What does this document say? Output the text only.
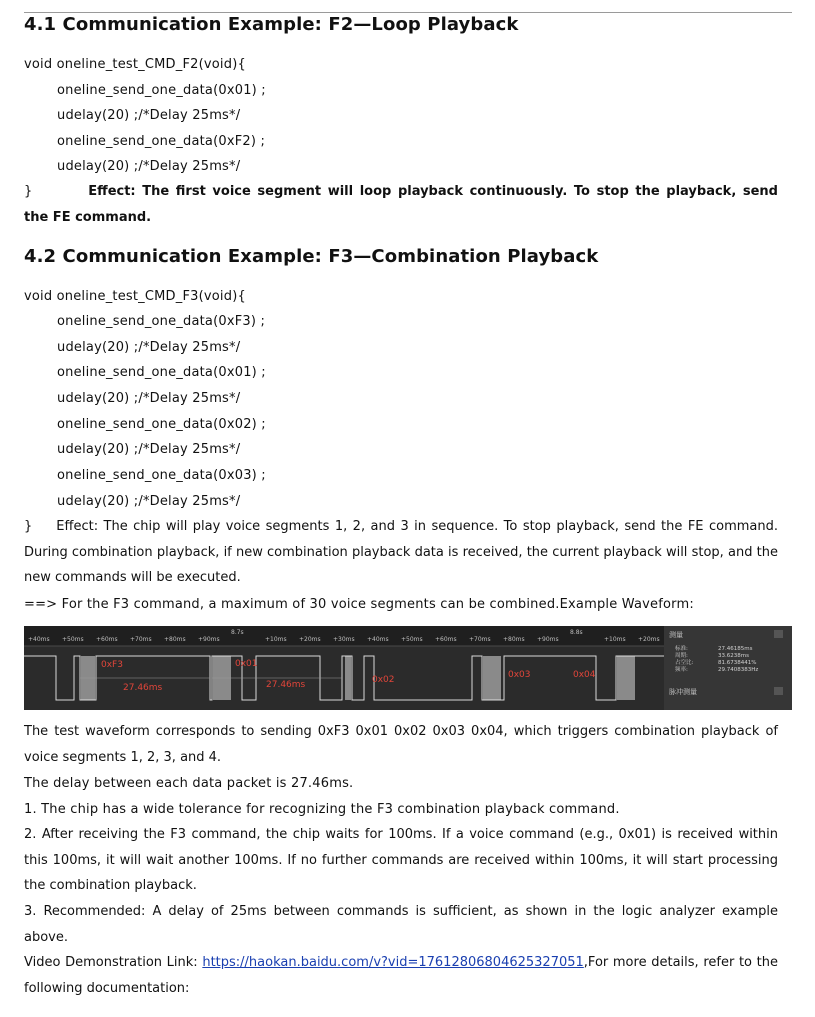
4.1 Communication Example: F2—Loop Playback
void oneline_test_CMD_F2(void){
oneline_send_one_data(0x01) ;
udelay(20) ;/*Delay 25ms*/
oneline_send_one_data(0xF2) ;
udelay(20) ;/*Delay 25ms*/
}	Effect: The first voice segment will loop playback continuously. To stop the playback, send the FE command.
4.2 Communication Example: F3—Combination Playback
void oneline_test_CMD_F3(void){
oneline_send_one_data(0xF3) ;
udelay(20) ;/*Delay 25ms*/
oneline_send_one_data(0x01) ;
udelay(20) ;/*Delay 25ms*/
oneline_send_one_data(0x02) ;
udelay(20) ;/*Delay 25ms*/
oneline_send_one_data(0x03) ;
udelay(20) ;/*Delay 25ms*/
} Effect: The chip will play voice segments 1, 2, and 3 in sequence. To stop playback, send the FE command. During combination playback, if new combination playback data is received, the current playback will stop, and the new commands will be executed.
==> For the F3 command, a maximum of 30 voice segments can be combined.Example Waveform:
+40ms +50ms +60ms +70ms +80ms +90ms	+10ms +20ms +30ms +40ms +50ms +60ms +70ms +80ms +90ms	+10ms +20ms
8.7s	8.8s
0xF3	0x01
0x02	0x03	0x04
27.46ms	27.46ms
测量
标准:	27.46185ms
周期:	33.6238ms
占空比:	81.6738441%
频率:	29.7408383Hz
脉冲测量
The test waveform corresponds to sending 0xF3 0x01 0x02 0x03 0x04, which triggers combination playback of voice segments 1, 2, 3, and 4.
The delay between each data packet is 27.46ms.
1. The chip has a wide tolerance for recognizing the F3 combination playback command.
2. After receiving the F3 command, the chip waits for 100ms. If a voice command (e.g., 0x01) is received within this 100ms, it will wait another 100ms. If no further commands are received within 100ms, it will start processing the combination playback.
3. Recommended: A delay of 25ms between commands is sufficient, as shown in the logic analyzer example above.
Video Demonstration Link: https://haokan.baidu.com/v?vid=17612806804625327051,For more details, refer to the following documentation:
